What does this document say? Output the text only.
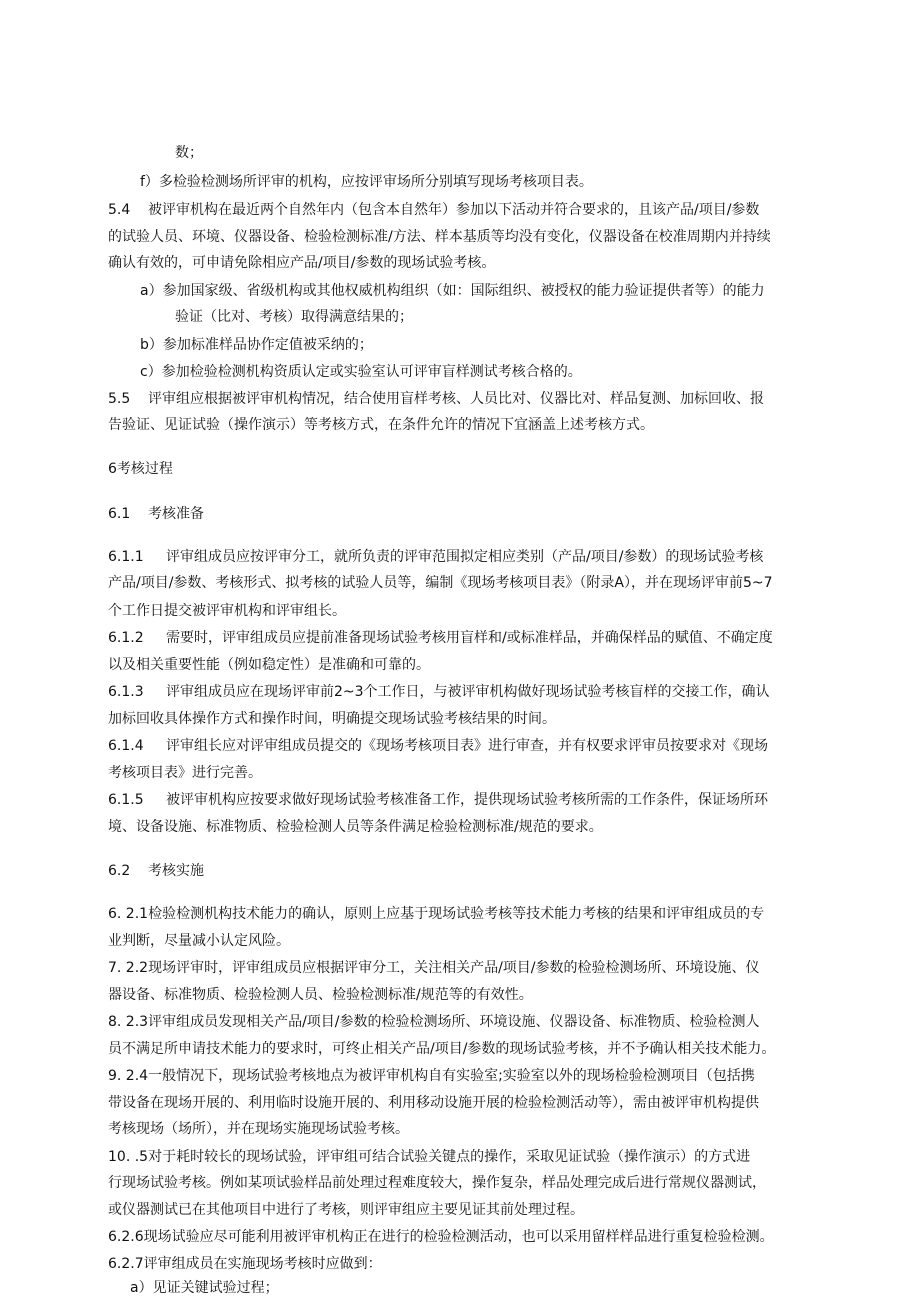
数；

f）多检验检测场所评审的机构，应按评审场所分别填写现场考核项目表。

5.4 被评审机构在最近两个自然年内（包含本自然年）参加以下活动并符合要求的，且该产品/项目/参数

的试验人员、环境、仪器设备、检验检测标准/方法、样本基质等均没有变化，仪器设备在校准周期内并持续

确认有效的，可申请免除相应产品/项目/参数的现场试验考核。

a）参加国家级、省级机构或其他权威机构组织（如：国际组织、被授权的能力验证提供者等）的能力

验证（比对、考核）取得满意结果的；

b）参加标准样品协作定值被采纳的；

c）参加检验检测机构资质认定或实验室认可评审盲样测试考核合格的。

5.5 评审组应根据被评审机构情况，结合使用盲样考核、人员比对、仪器比对、样品复测、加标回收、报

告验证、见证试验（操作演示）等考核方式，在条件允许的情况下宜涵盖上述考核方式。

6考核过程

6.1 考核准备

6.1.1 评审组成员应按评审分工，就所负责的评审范围拟定相应类别（产品/项目/参数）的现场试验考核

产品/项目/参数、考核形式、拟考核的试验人员等，编制《现场考核项目表》（附录A），并在现场评审前5~7

个工作日提交被评审机构和评审组长。

6.1.2 需要时，评审组成员应提前准备现场试验考核用盲样和/或标准样品，并确保样品的赋值、不确定度

以及相关重要性能（例如稳定性）是准确和可靠的。

6.1.3 评审组成员应在现场评审前2~3个工作日，与被评审机构做好现场试验考核盲样的交接工作，确认

加标回收具体操作方式和操作时间，明确提交现场试验考核结果的时间。

6.1.4 评审组长应对评审组成员提交的《现场考核项目表》进行审查，并有权要求评审员按要求对《现场

考核项目表》进行完善。

6.1.5 被评审机构应按要求做好现场试验考核准备工作，提供现场试验考核所需的工作条件，保证场所环

境、设备设施、标准物质、检验检测人员等条件满足检验检测标准/规范的要求。

6.2 考核实施

6. 2.1检验检测机构技术能力的确认，原则上应基于现场试验考核等技术能力考核的结果和评审组成员的专

业判断，尽量减小认定风险。

7. 2.2现场评审时，评审组成员应根据评审分工，关注相关产品/项目/参数的检验检测场所、环境设施、仪

器设备、标准物质、检验检测人员、检验检测标准/规范等的有效性。

8. 2.3评审组成员发现相关产品/项目/参数的检验检测场所、环境设施、仪器设备、标准物质、检验检测人

员不满足所申请技术能力的要求时，可终止相关产品/项目/参数的现场试验考核，并不予确认相关技术能力。

9. 2.4一般情况下，现场试验考核地点为被评审机构自有实验室;实验室以外的现场检验检测项目（包括携

带设备在现场开展的、利用临时设施开展的、利用移动设施开展的检验检测活动等），需由被评审机构提供

考核现场（场所），并在现场实施现场试验考核。

10. .5对于耗时较长的现场试验，评审组可结合试验关键点的操作，采取见证试验（操作演示）的方式进

行现场试验考核。例如某项试验样品前处理过程难度较大，操作复杂，样品处理完成后进行常规仪器测试，

或仪器测试已在其他项目中进行了考核，则评审组应主要见证其前处理过程。

6.2.6现场试验应尽可能利用被评审机构正在进行的检验检测活动，也可以采用留样样品进行重复检验检测。

6.2.7评审组成员在实施现场考核时应做到：

a）见证关键试验过程；
